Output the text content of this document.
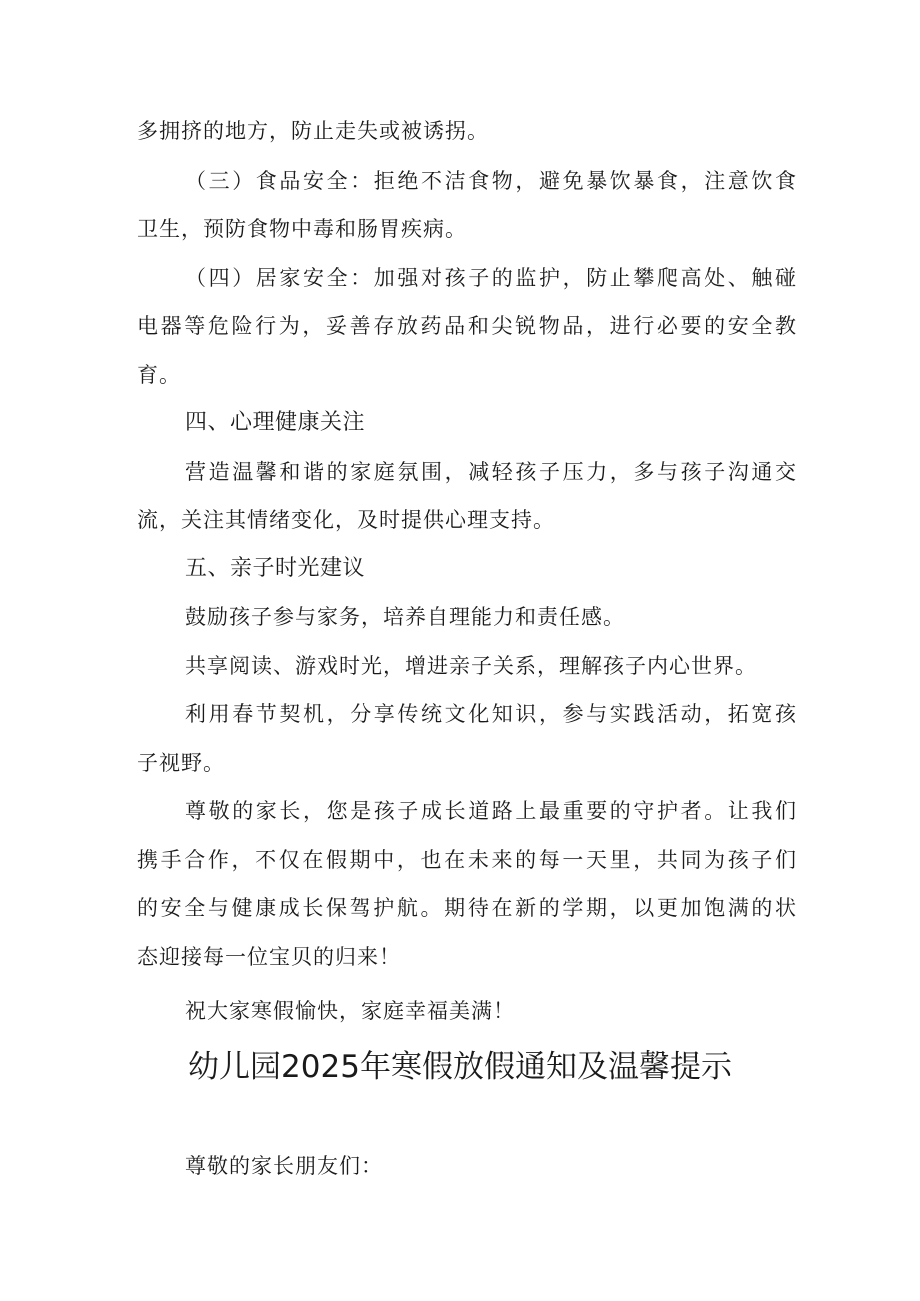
多拥挤的地方，防止走失或被诱拐。
（三）食品安全：拒绝不洁食物，避免暴饮暴食，注意饮食
卫生，预防食物中毒和肠胃疾病。
（四）居家安全：加强对孩子的监护，防止攀爬高处、触碰
电器等危险行为，妥善存放药品和尖锐物品，进行必要的安全教
育。
四、心理健康关注
营造温馨和谐的家庭氛围，减轻孩子压力，多与孩子沟通交
流，关注其情绪变化，及时提供心理支持。
五、亲子时光建议
鼓励孩子参与家务，培养自理能力和责任感。
共享阅读、游戏时光，增进亲子关系，理解孩子内心世界。
利用春节契机，分享传统文化知识，参与实践活动，拓宽孩
子视野。
尊敬的家长，您是孩子成长道路上最重要的守护者。让我们
携手合作，不仅在假期中，也在未来的每一天里，共同为孩子们
的安全与健康成长保驾护航。期待在新的学期，以更加饱满的状
态迎接每一位宝贝的归来！
祝大家寒假愉快，家庭幸福美满！
幼儿园2025年寒假放假通知及温馨提示
尊敬的家长朋友们：
